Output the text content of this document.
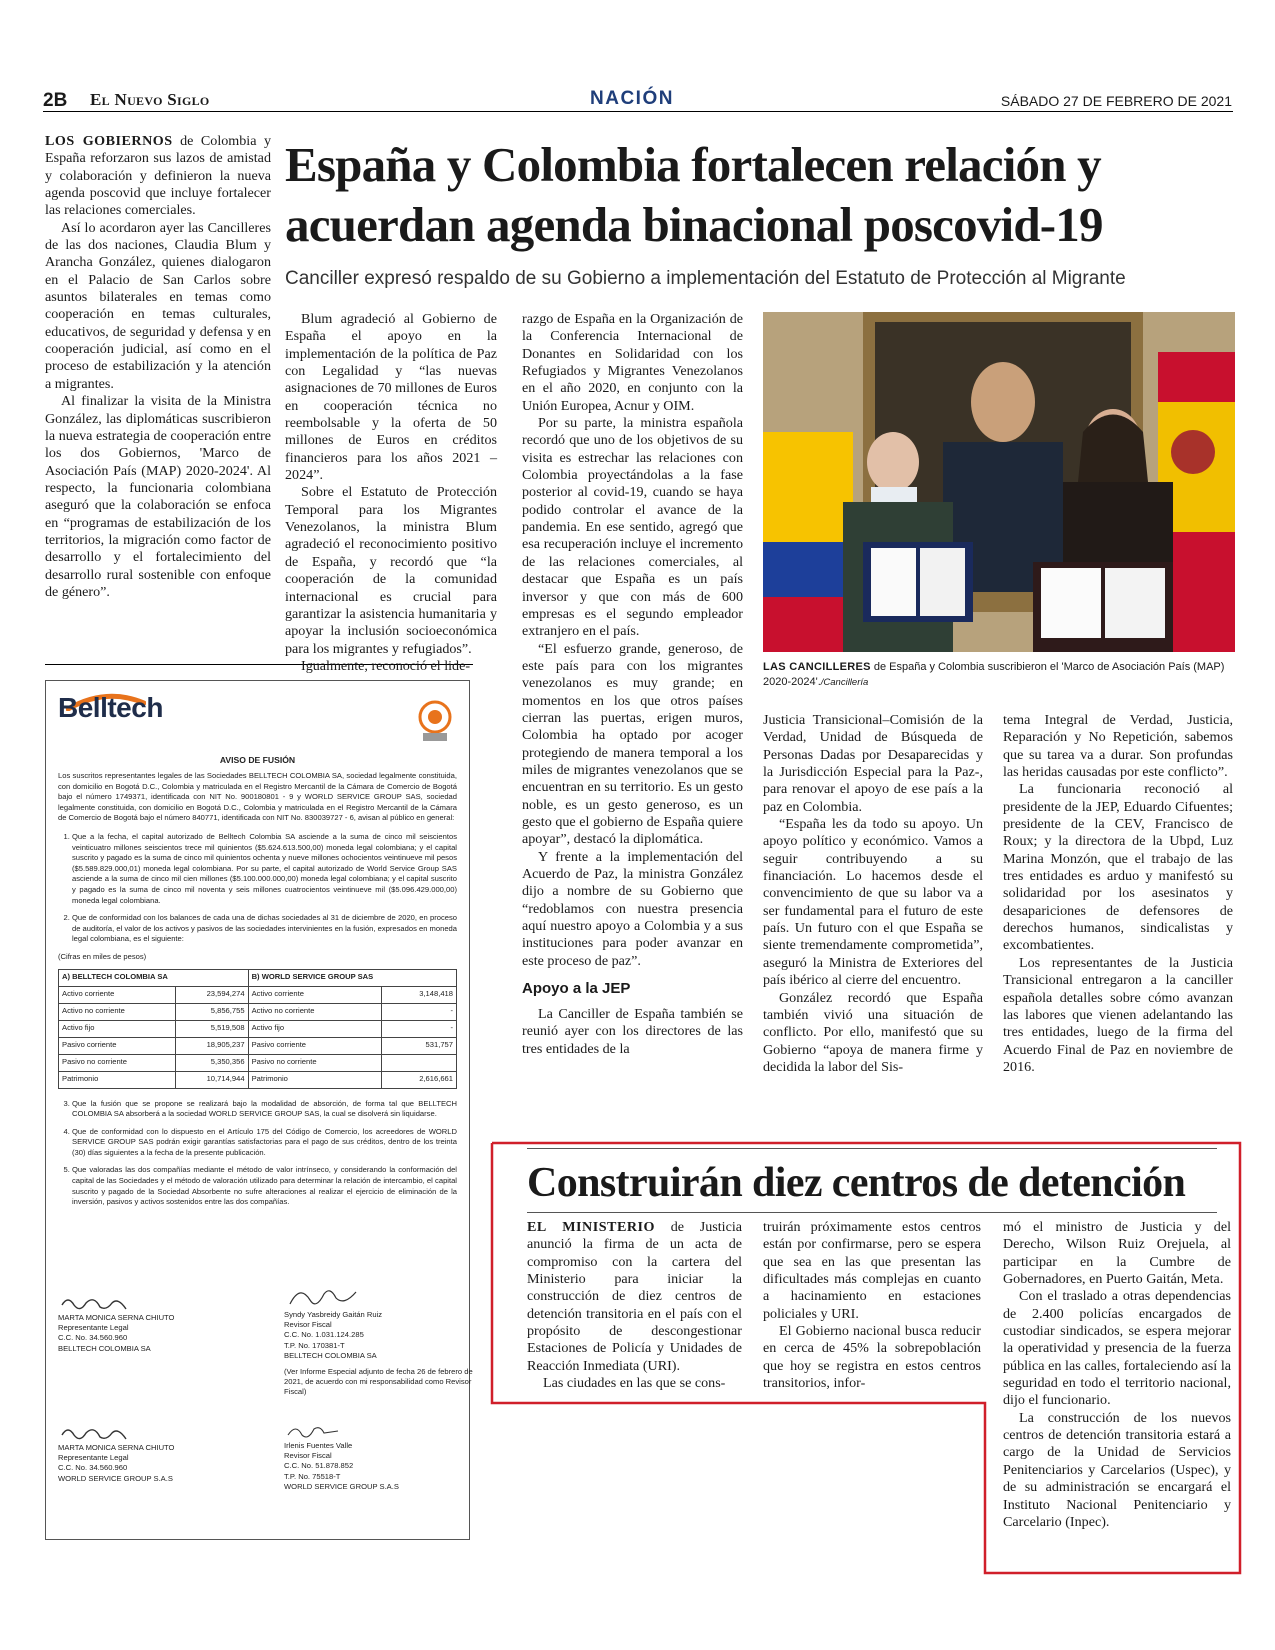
2B El Nuevo Siglo	NACIÓN	SÁBADO 27 DE FEBRERO DE 2021
España y Colombia fortalecen relación y acuerdan agenda binacional poscovid-19
Canciller expresó respaldo de su Gobierno a implementación del Estatuto de Protección al Migrante

LOS GOBIERNOS de Colombia y España reforzaron sus lazos de amistad y colaboración y definieron la nueva agenda poscovid que incluye fortalecer las relaciones comerciales.

Así lo acordaron ayer las Cancilleres de las dos naciones, Claudia Blum y Arancha González, quienes dialogaron en el Palacio de San Carlos sobre asuntos bilaterales en temas como cooperación en temas culturales, educativos, de seguridad y defensa y en cooperación judicial, así como en el proceso de estabilización y la atención a migrantes.

Al finalizar la visita de la Ministra González, las diplomáticas suscribieron la nueva estrategia de cooperación entre los dos Gobiernos, 'Marco de Asociación País (MAP) 2020-2024'. Al respecto, la funcionaria colombiana aseguró que la colaboración se enfoca en “programas de estabilización de los territorios, la migración como factor de desarrollo y el fortalecimiento del desarrollo rural sostenible con enfoque de género”.

Blum agradeció al Gobierno de España el apoyo en la implementación de la política de Paz con Legalidad y “las nuevas asignaciones de 70 millones de Euros en cooperación técnica no reembolsable y la oferta de 50 millones de Euros en créditos financieros para los años 2021 – 2024”.

Sobre el Estatuto de Protección Temporal para los Migrantes Venezolanos, la ministra Blum agradeció el reconocimiento positivo de España, y recordó que “la cooperación de la comunidad internacional es crucial para garantizar la asistencia humanitaria y apoyar la inclusión socioeconómica para los migrantes y refugiados”.

Igualmente, reconoció el lide-

razgo de España en la Organización de la Conferencia Internacional de Donantes en Solidaridad con los Refugiados y Migrantes Venezolanos en el año 2020, en conjunto con la Unión Europea, Acnur y OIM.

Por su parte, la ministra española recordó que uno de los objetivos de su visita es estrechar las relaciones con Colombia proyectándolas a la fase posterior al covid-19, cuando se haya podido controlar el avance de la pandemia. En ese sentido, agregó que esa recuperación incluye el incremento de las relaciones comerciales, al destacar que España es un país inversor y que con más de 600 empresas es el segundo empleador extranjero en el país.

“El esfuerzo grande, generoso, de este país para con los migrantes venezolanos es muy grande; en momentos en los que otros países cierran las puertas, erigen muros, Colombia ha optado por acoger protegiendo de manera temporal a los miles de migrantes venezolanos que se encuentran en su territorio. Es un gesto noble, es un gesto generoso, es un gesto que el gobierno de España quiere apoyar”, destacó la diplomática.

Y frente a la implementación del Acuerdo de Paz, la ministra González dijo a nombre de su Gobierno que “redoblamos con nuestra presencia aquí nuestro apoyo a Colombia y a sus instituciones para poder avanzar en este proceso de paz”.

Apoyo a la JEP

La Canciller de España también se reunió ayer con los directores de las tres entidades de la

LAS CANCILLERES de España y Colombia suscribieron el 'Marco de Asociación País (MAP) 2020-2024'./Cancillería

Justicia Transicional–Comisión de la Verdad, Unidad de Búsqueda de Personas Dadas por Desaparecidas y la Jurisdicción Especial para la Paz-, para renovar el apoyo de ese país a la paz en Colombia.

“España les da todo su apoyo. Un apoyo político y económico. Vamos a seguir contribuyendo a su financiación. Lo hacemos desde el convencimiento de que su labor va a ser fundamental para el futuro de este país. Un futuro con el que España se siente tremendamente comprometida”, aseguró la Ministra de Exteriores del país ibérico al cierre del encuentro.

González recordó que España también vivió una situación de conflicto. Por ello, manifestó que su Gobierno “apoya de manera firme y decidida la labor del Sis-

tema Integral de Verdad, Justicia, Reparación y No Repetición, sabemos que su tarea va a durar. Son profundas las heridas causadas por este conflicto”.

La funcionaria reconoció al presidente de la JEP, Eduardo Cifuentes; presidente de la CEV, Francisco de Roux; y la directora de la Ubpd, Luz Marina Monzón, que el trabajo de las tres entidades es arduo y manifestó su solidaridad por los asesinatos y desapariciones de defensores de derechos humanos, sindicalistas y excombatientes.

Los representantes de la Justicia Transicional entregaron a la canciller española detalles sobre cómo avanzan las labores que vienen adelantando las tres entidades, luego de la firma del Acuerdo Final de Paz en noviembre de 2016.

Construirán diez centros de detención

EL MINISTERIO de Justicia anunció la firma de un acta de compromiso con la cartera del Ministerio para iniciar la construcción de diez centros de detención transitoria en el país con el propósito de descongestionar Estaciones de Policía y Unidades de Reacción Inmediata (URI).

Las ciudades en las que se cons-

truirán próximamente estos centros están por confirmarse, pero se espera que sea en las que presentan las dificultades más complejas en cuanto a hacinamiento en estaciones policiales y URI.

El Gobierno nacional busca reducir en cerca de 45% la sobrepoblación que hoy se registra en estos centros transitorios, infor-

mó el ministro de Justicia y del Derecho, Wilson Ruiz Orejuela, al participar en la Cumbre de Gobernadores, en Puerto Gaitán, Meta.

Con el traslado a otras dependencias de 2.400 policías encargados de custodiar sindicados, se espera mejorar la operatividad y presencia de la fuerza pública en las calles, fortaleciendo así la seguridad en todo el territorio nacional, dijo el funcionario.

La construcción de los nuevos centros de detención transitoria estará a cargo de la Unidad de Servicios Penitenciarios y Carcelarios (Uspec), y de su administración se encargará el Instituto Nacional Penitenciario y Carcelario (Inpec).

Belltech
AVISO DE FUSIÓN
Los suscritos representantes legales de las Sociedades BELLTECH COLOMBIA SA, sociedad legalmente constituida, con domicilio en Bogotá D.C., Colombia y matriculada en el Registro Mercantil de la Cámara de Comercio de Bogotá bajo el número 1749371, identificada con NIT No. 900180801 - 9 y WORLD SERVICE GROUP SAS, sociedad legalmente constituida, con domicilio en Bogotá D.C., Colombia y matriculada en el Registro Mercantil de la Cámara de Comercio de Bogotá bajo el número 840771, identificada con NIT No. 830039727 - 6, avisan al público en general:
1. Que a la fecha, el capital autorizado de Belltech Colombia SA asciende a la suma de cinco mil seiscientos veinticuatro millones seiscientos trece mil quinientos ($5.624.613.500,00) moneda legal colombiana; y el capital suscrito y pagado es la suma de cinco mil quinientos ochenta y nueve millones ochocientos veintinueve mil pesos ($5.589.829.000,01) moneda legal colombiana. Por su parte, el capital autorizado de World Service Group SAS asciende a la suma de cinco mil cien millones ($5.100.000.000,00) moneda legal colombiana; y el capital suscrito y pagado es la suma de cinco mil noventa y seis millones cuatrocientos veintinueve mil ($5.096.429.000,00) moneda legal colombiana.
2. Que de conformidad con los balances de cada una de dichas sociedades al 31 de diciembre de 2020, en proceso de auditoría, el valor de los activos y pasivos de las sociedades intervinientes en la fusión, expresados en moneda legal colombiana, es el siguiente:
(Cifras en miles de pesos)
A) BELLTECH COLOMBIA SA		B) WORLD SERVICE GROUP SAS	
Activo corriente	23,594,274	Activo corriente	3,148,418
Activo no corriente	5,856,755	Activo no corriente	-
Activo fijo	5,519,508	Activo fijo	-
Pasivo corriente	18,905,237	Pasivo corriente	531,757
Pasivo no corriente	5,350,356	Pasivo no corriente	
Patrimonio	10,714,944	Patrimonio	2,616,661
3. Que la fusión que se propone se realizará bajo la modalidad de absorción, de forma tal que BELLTECH COLOMBIA SA absorberá a la sociedad WORLD SERVICE GROUP SAS, la cual se disolverá sin liquidarse.
4. Que de conformidad con lo dispuesto en el Artículo 175 del Código de Comercio, los acreedores de WORLD SERVICE GROUP SAS podrán exigir garantías satisfactorias para el pago de sus créditos, dentro de los treinta (30) días siguientes a la fecha de la presente publicación.
5. Que valoradas las dos compañías mediante el método de valor intrínseco, y considerando la conformación del capital de las Sociedades y el método de valoración utilizado para determinar la relación de intercambio, el capital suscrito y pagado de la Sociedad Absorbente no sufre alteraciones al realizar el ejercicio de eliminación de la inversión, pasivos y activos sostenidos entre las dos compañías.
MARTA MONICA SERNA CHIUTO
Representante Legal
C.C. No. 34.560.960
BELLTECH COLOMBIA SA
Syndy Yasbreidy Gaitán Ruiz
Revisor Fiscal
C.C. No. 1.031.124.285
T.P. No. 170381-T
BELLTECH COLOMBIA SA
(Ver Informe Especial adjunto de fecha 26 de febrero de 2021, de acuerdo con mi responsabilidad como Revisor Fiscal)
MARTA MONICA SERNA CHIUTO
Representante Legal
C.C. No. 34.560.960
WORLD SERVICE GROUP S.A.S
Irlenis Fuentes Valle
Revisor Fiscal
C.C. No. 51.878.852
T.P. No. 75518-T
WORLD SERVICE GROUP S.A.S
